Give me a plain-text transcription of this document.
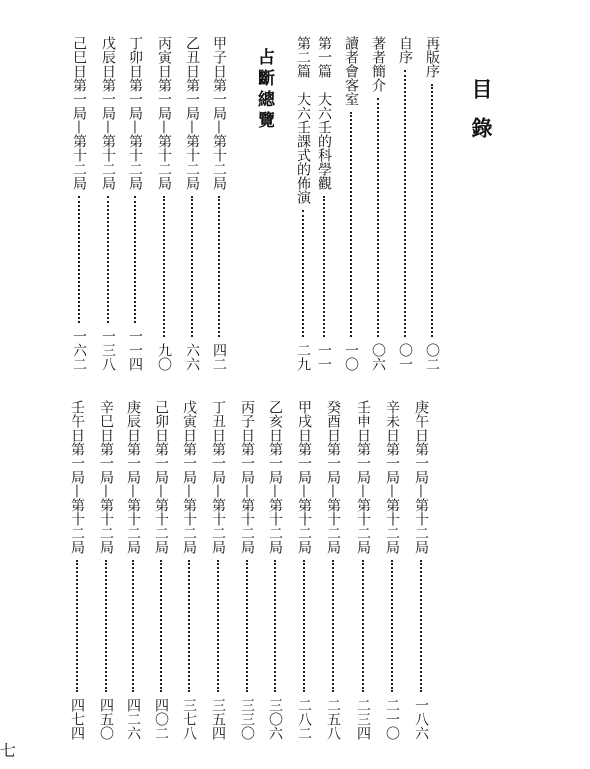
目錄
占斷總覽	再版序
〇二
自序
〇一
著者簡介
〇六
讀者會客室
一〇
第一篇　大六壬的科學觀
一一
第二篇　大六壬課式的佈演
二九
甲子日第一局—第十二局
四二
乙丑日第一局—第十二局
六六
丙寅日第一局—第十二局
九〇
丁卯日第一局—第十二局
一一四
戊辰日第一局—第十二局
一三八
己巳日第一局—第十二局
一六二
庚午日第一局—第十二局
一八六
辛未日第一局—第十二局
二一〇
壬申日第一局—第十二局
二三四
癸酉日第一局—第十二局
二五八
甲戌日第一局—第十二局
二八二
乙亥日第一局—第十二局
三〇六
丙子日第一局—第十二局
三三〇
丁丑日第一局—第十二局
三五四
戊寅日第一局—第十二局
三七八
己卯日第一局—第十二局
四〇二
庚辰日第一局—第十二局
四二六
辛巳日第一局—第十二局
四五〇
壬午日第一局—第十二局
四七四
七
